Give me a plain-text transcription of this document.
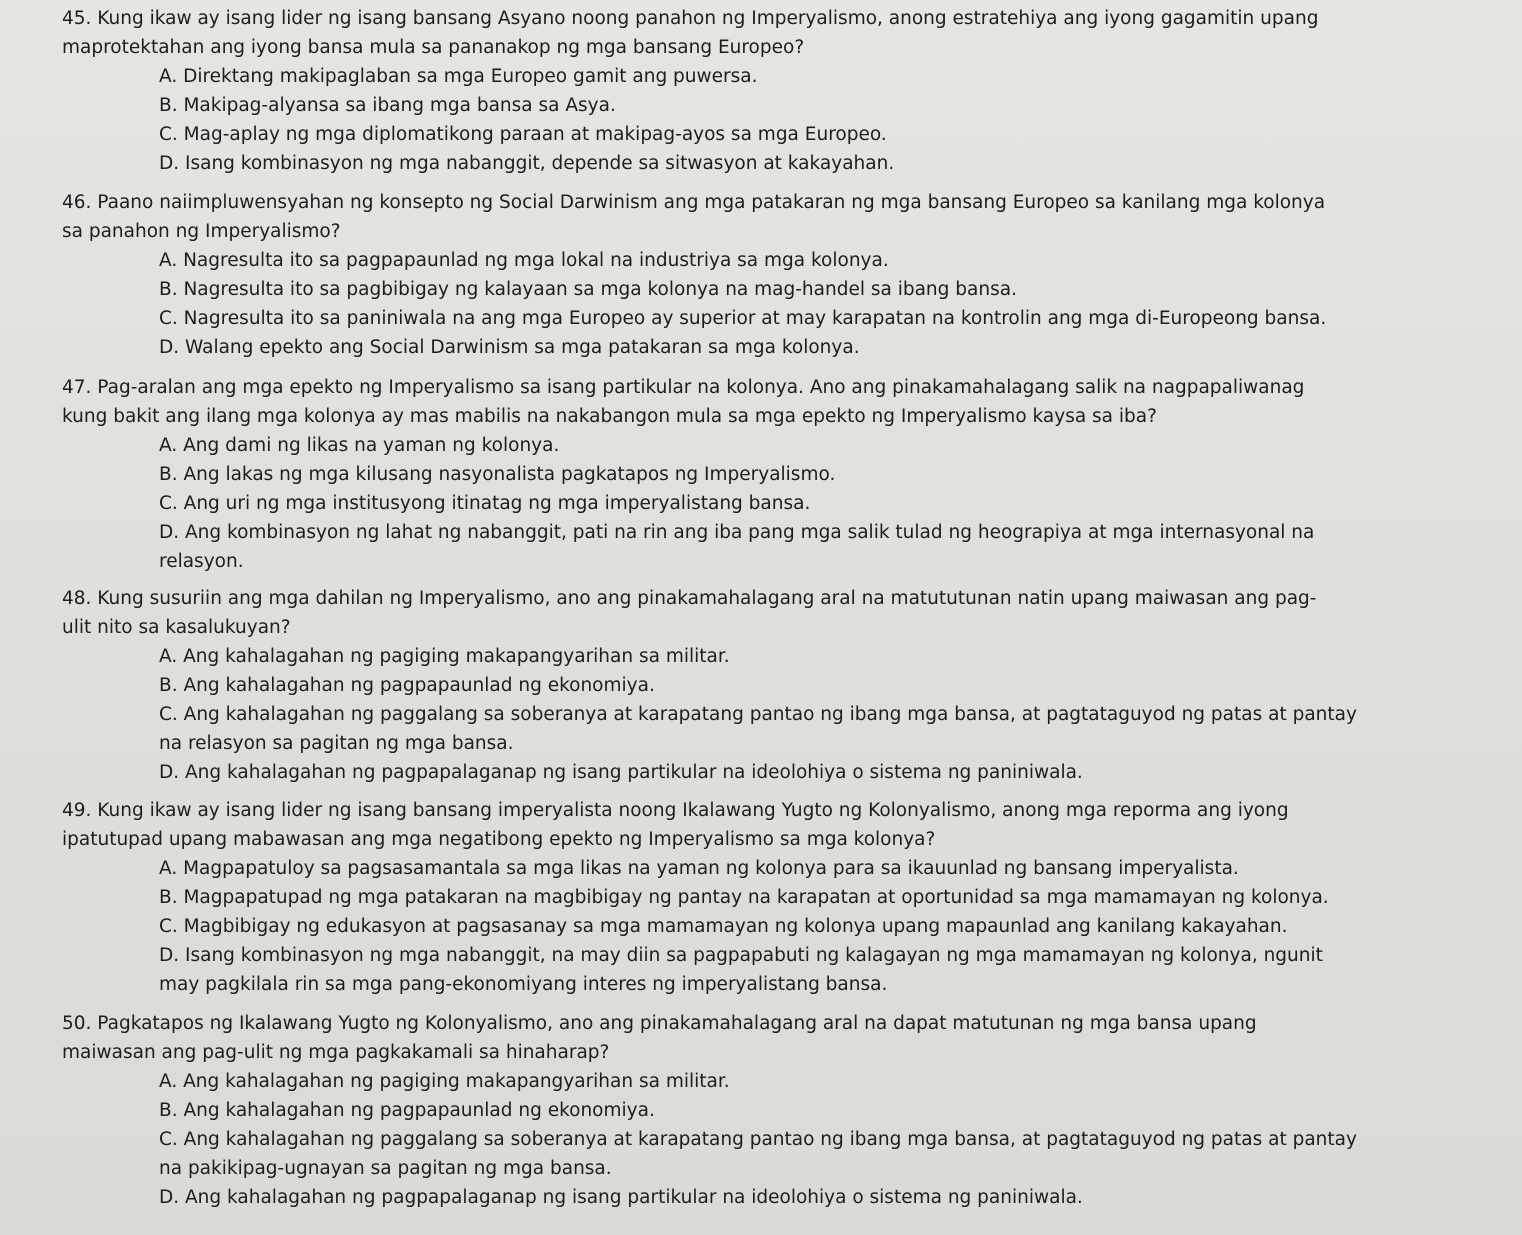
45. Kung ikaw ay isang lider ng isang bansang Asyano noong panahon ng Imperyalismo, anong estratehiya ang iyong gagamitin upang
maprotektahan ang iyong bansa mula sa pananakop ng mga bansang Europeo?
A. Direktang makipaglaban sa mga Europeo gamit ang puwersa.
B. Makipag-alyansa sa ibang mga bansa sa Asya.
C. Mag-aplay ng mga diplomatikong paraan at makipag-ayos sa mga Europeo.
D. Isang kombinasyon ng mga nabanggit, depende sa sitwasyon at kakayahan.
46. Paano naiimpluwensyahan ng konsepto ng Social Darwinism ang mga patakaran ng mga bansang Europeo sa kanilang mga kolonya
sa panahon ng Imperyalismo?
A. Nagresulta ito sa pagpapaunlad ng mga lokal na industriya sa mga kolonya.
B. Nagresulta ito sa pagbibigay ng kalayaan sa mga kolonya na mag-handel sa ibang bansa.
C. Nagresulta ito sa paniniwala na ang mga Europeo ay superior at may karapatan na kontrolin ang mga di-Europeong bansa.
D. Walang epekto ang Social Darwinism sa mga patakaran sa mga kolonya.
47. Pag-aralan ang mga epekto ng Imperyalismo sa isang partikular na kolonya. Ano ang pinakamahalagang salik na nagpapaliwanag
kung bakit ang ilang mga kolonya ay mas mabilis na nakabangon mula sa mga epekto ng Imperyalismo kaysa sa iba?
A. Ang dami ng likas na yaman ng kolonya.
B. Ang lakas ng mga kilusang nasyonalista pagkatapos ng Imperyalismo.
C. Ang uri ng mga institusyong itinatag ng mga imperyalistang bansa.
D. Ang kombinasyon ng lahat ng nabanggit, pati na rin ang iba pang mga salik tulad ng heograpiya at mga internasyonal na
relasyon.
48. Kung susuriin ang mga dahilan ng Imperyalismo, ano ang pinakamahalagang aral na matututunan natin upang maiwasan ang pag-
ulit nito sa kasalukuyan?
A. Ang kahalagahan ng pagiging makapangyarihan sa militar.
B. Ang kahalagahan ng pagpapaunlad ng ekonomiya.
C. Ang kahalagahan ng paggalang sa soberanya at karapatang pantao ng ibang mga bansa, at pagtataguyod ng patas at pantay
na relasyon sa pagitan ng mga bansa.
D. Ang kahalagahan ng pagpapalaganap ng isang partikular na ideolohiya o sistema ng paniniwala.
49. Kung ikaw ay isang lider ng isang bansang imperyalista noong Ikalawang Yugto ng Kolonyalismo, anong mga reporma ang iyong
ipatutupad upang mabawasan ang mga negatibong epekto ng Imperyalismo sa mga kolonya?
A. Magpapatuloy sa pagsasamantala sa mga likas na yaman ng kolonya para sa ikauunlad ng bansang imperyalista.
B. Magpapatupad ng mga patakaran na magbibigay ng pantay na karapatan at oportunidad sa mga mamamayan ng kolonya.
C. Magbibigay ng edukasyon at pagsasanay sa mga mamamayan ng kolonya upang mapaunlad ang kanilang kakayahan.
D. Isang kombinasyon ng mga nabanggit, na may diin sa pagpapabuti ng kalagayan ng mga mamamayan ng kolonya, ngunit
may pagkilala rin sa mga pang-ekonomiyang interes ng imperyalistang bansa.
50. Pagkatapos ng Ikalawang Yugto ng Kolonyalismo, ano ang pinakamahalagang aral na dapat matutunan ng mga bansa upang
maiwasan ang pag-ulit ng mga pagkakamali sa hinaharap?
A. Ang kahalagahan ng pagiging makapangyarihan sa militar.
B. Ang kahalagahan ng pagpapaunlad ng ekonomiya.
C. Ang kahalagahan ng paggalang sa soberanya at karapatang pantao ng ibang mga bansa, at pagtataguyod ng patas at pantay
na pakikipag-ugnayan sa pagitan ng mga bansa.
D. Ang kahalagahan ng pagpapalaganap ng isang partikular na ideolohiya o sistema ng paniniwala.
